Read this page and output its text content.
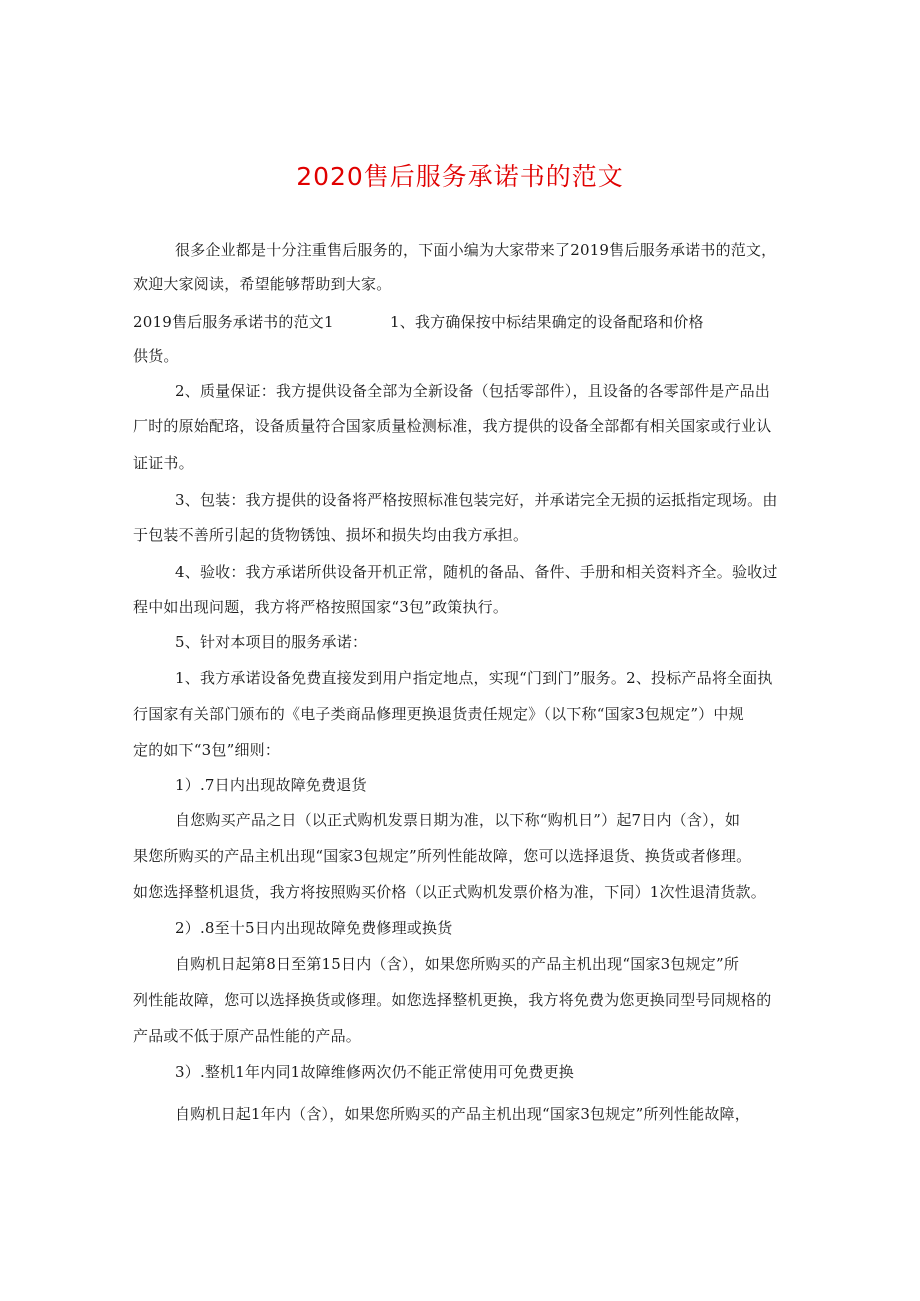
2020售后服务承诺书的范文
很多企业都是十分注重售后服务的，下面小编为大家带来了2019售后服务承诺书的范文，
欢迎大家阅读，希望能够帮助到大家。
2019售后服务承诺书的范文1	1、我方确保按中标结果确定的设备配珞和价格
供货。
2、质量保证：我方提供设备全部为全新设备（包括零部件），且设备的各零部件是产品出
厂时的原始配珞，设备质量符合国家质量检测标准，我方提供的设备全部都有相关国家或行业认
证证书。
3、包装：我方提供的设备将严格按照标准包装完好，并承诺完全无损的运抵指定现场。由
于包装不善所引起的货物锈蚀、损坏和损失均由我方承担。
4、验收：我方承诺所供设备开机正常，随机的备品、备件、手册和相关资料齐全。验收过
程中如出现问题，我方将严格按照国家“3包”政策执行。
5、针对本项目的服务承诺：
1、我方承诺设备免费直接发到用户指定地点，实现“门到门”服务。2、投标产品将全面执
行国家有关部门颁布的《电子类商品修理更换退货责任规定》（以下称“国家3包规定”）中规
定的如下“3包”细则：
1）.7日内出现故障免费退货
自您购买产品之日（以正式购机发票日期为准，以下称“购机日”）起7日内（含），如
果您所购买的产品主机出现“国家3包规定”所列性能故障，您可以选择退货、换货或者修理。
如您选择整机退货，我方将按照购买价格（以正式购机发票价格为准，下同）1次性退清货款。
2）.8至十5日内出现故障免费修理或换货
自购机日起第8日至第15日内（含），如果您所购买的产品主机出现“国家3包规定”所
列性能故障，您可以选择换货或修理。如您选择整机更换，我方将免费为您更换同型号同规格的
产品或不低于原产品性能的产品。
3）.整机1年内同1故障维修两次仍不能正常使用可免费更换
自购机日起1年内（含），如果您所购买的产品主机出现“国家3包规定”所列性能故障，
